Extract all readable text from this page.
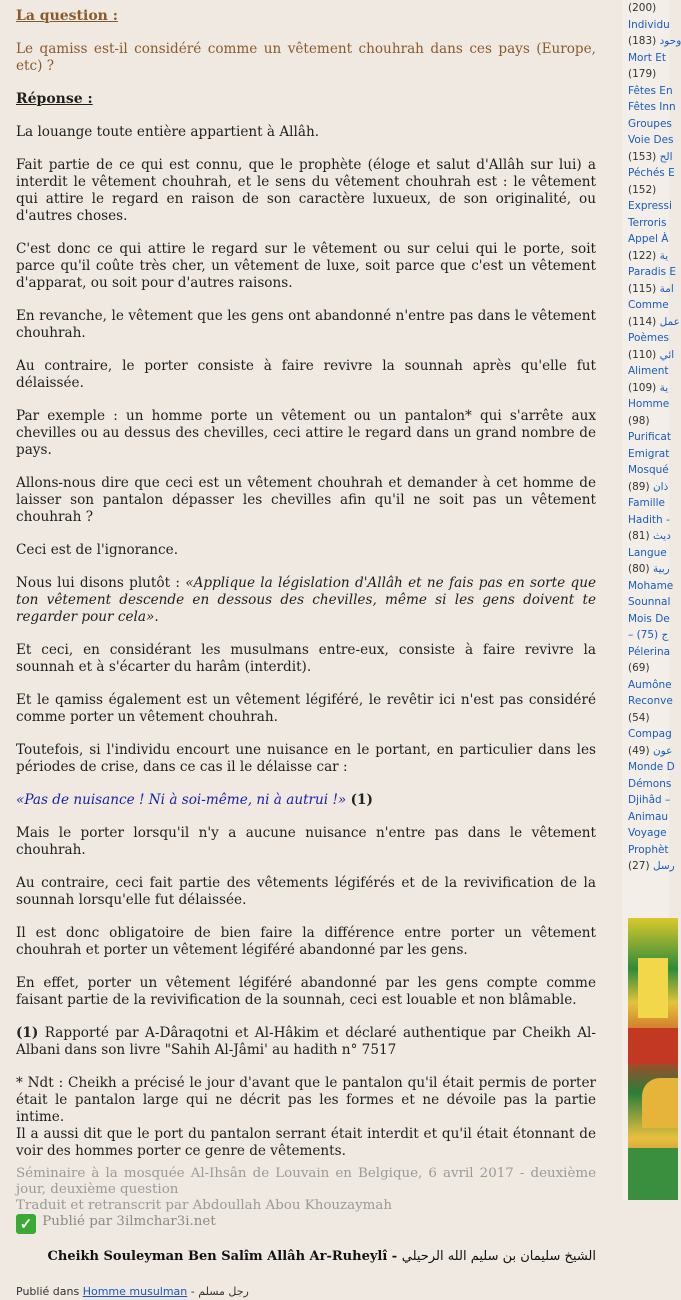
La question :

Le qamiss est-il considéré comme un vêtement chouhrah dans ces pays (Europe, etc) ?

Réponse :

La louange toute entière appartient à Allâh.

Fait partie de ce qui est connu, que le prophète (éloge et salut d'Allâh sur lui) a interdit le vêtement chouhrah, et le sens du vêtement chouhrah est : le vêtement qui attire le regard en raison de son caractère luxueux, de son originalité, ou d'autres choses.

C'est donc ce qui attire le regard sur le vêtement ou sur celui qui le porte, soit parce qu'il coûte très cher, un vêtement de luxe, soit parce que c'est un vêtement d'apparat, ou soit pour d'autres raisons.

En revanche, le vêtement que les gens ont abandonné n'entre pas dans le vêtement chouhrah.

Au contraire, le porter consiste à faire revivre la sounnah après qu'elle fut délaissée.

Par exemple : un homme porte un vêtement ou un pantalon* qui s'arrête aux chevilles ou au dessus des chevilles, ceci attire le regard dans un grand nombre de pays.

Allons-nous dire que ceci est un vêtement chouhrah et demander à cet homme de laisser son pantalon dépasser les chevilles afin qu'il ne soit pas un vêtement chouhrah ?

Ceci est de l'ignorance.

Nous lui disons plutôt : «Applique la législation d'Allâh et ne fais pas en sorte que ton vêtement descende en dessous des chevilles, même si les gens doivent te regarder pour cela».

Et ceci, en considérant les musulmans entre-eux, consiste à faire revivre la sounnah et à s'écarter du harâm (interdit).

Et le qamiss également est un vêtement légiféré, le revêtir ici n'est pas considéré comme porter un vêtement chouhrah.

Toutefois, si l'individu encourt une nuisance en le portant, en particulier dans les périodes de crise, dans ce cas il le délaisse car :

«Pas de nuisance ! Ni à soi-même, ni à autrui !» (1)

Mais le porter lorsqu'il n'y a aucune nuisance n'entre pas dans le vêtement chouhrah.

Au contraire, ceci fait partie des vêtements légiférés et de la revivification de la sounnah lorsqu'elle fut délaissée.

Il est donc obligatoire de bien faire la différence entre porter un vêtement chouhrah et porter un vêtement légiféré abandonné par les gens.

En effet, porter un vêtement légiféré abandonné par les gens compte comme faisant partie de la revivification de la sounnah, ceci est louable et non blâmable.

(1) Rapporté par A-Dâraqotni et Al-Hâkim et déclaré authentique par Cheikh Al-Albani dans son livre "Sahih Al-Jâmi' au hadith n° 7517

* Ndt : Cheikh a précisé le jour d'avant que le pantalon qu'il était permis de porter était le pantalon large qui ne décrit pas les formes et ne dévoile pas la partie intime.

Il a aussi dit que le port du pantalon serrant était interdit et qu'il était étonnant de voir des hommes porter ce genre de vêtements.

Séminaire à la mosquée Al-Ihsân de Louvain en Belgique, 6 avril 2017 - deuxième jour, deuxième question
Traduit et retranscrit par Abdoullah Abou Khouzaymah
✓ Publié par 3ilmchar3i.net
Cheikh Souleyman Ben Salîm Allâh Ar-Ruheylî - الشيخ سليمان بن سليم الله الرحيلي
Publié dans Homme musulman - رجل مسلم
(200)
Individu
وحود (183)
Mort Et
(179)
Fêtes En
Fêtes Inn
Groupes
Voie Des
الح (153)
Péchés E
(152)
Expressi
Terroris
Appel À
ية (122)
Paradis E
امة (115)
Comme
عمل (114)
Poèmes
ائي (110)
Aliment
ية (109)
Homme
(98)
Purificat
Emigrat
Mosqué
ذان (89)
Famille
Hadith -
ديث (81)
Langue
ربية (80)
Mohame
Sounnal
Mois De
– (75) ج
Pélerina
(69)
Aumône
Reconve
(54)
Compag
عون (49)
Monde D
Démons
Djihâd –
Animau
Voyage
Prophèt
رسل (27)
